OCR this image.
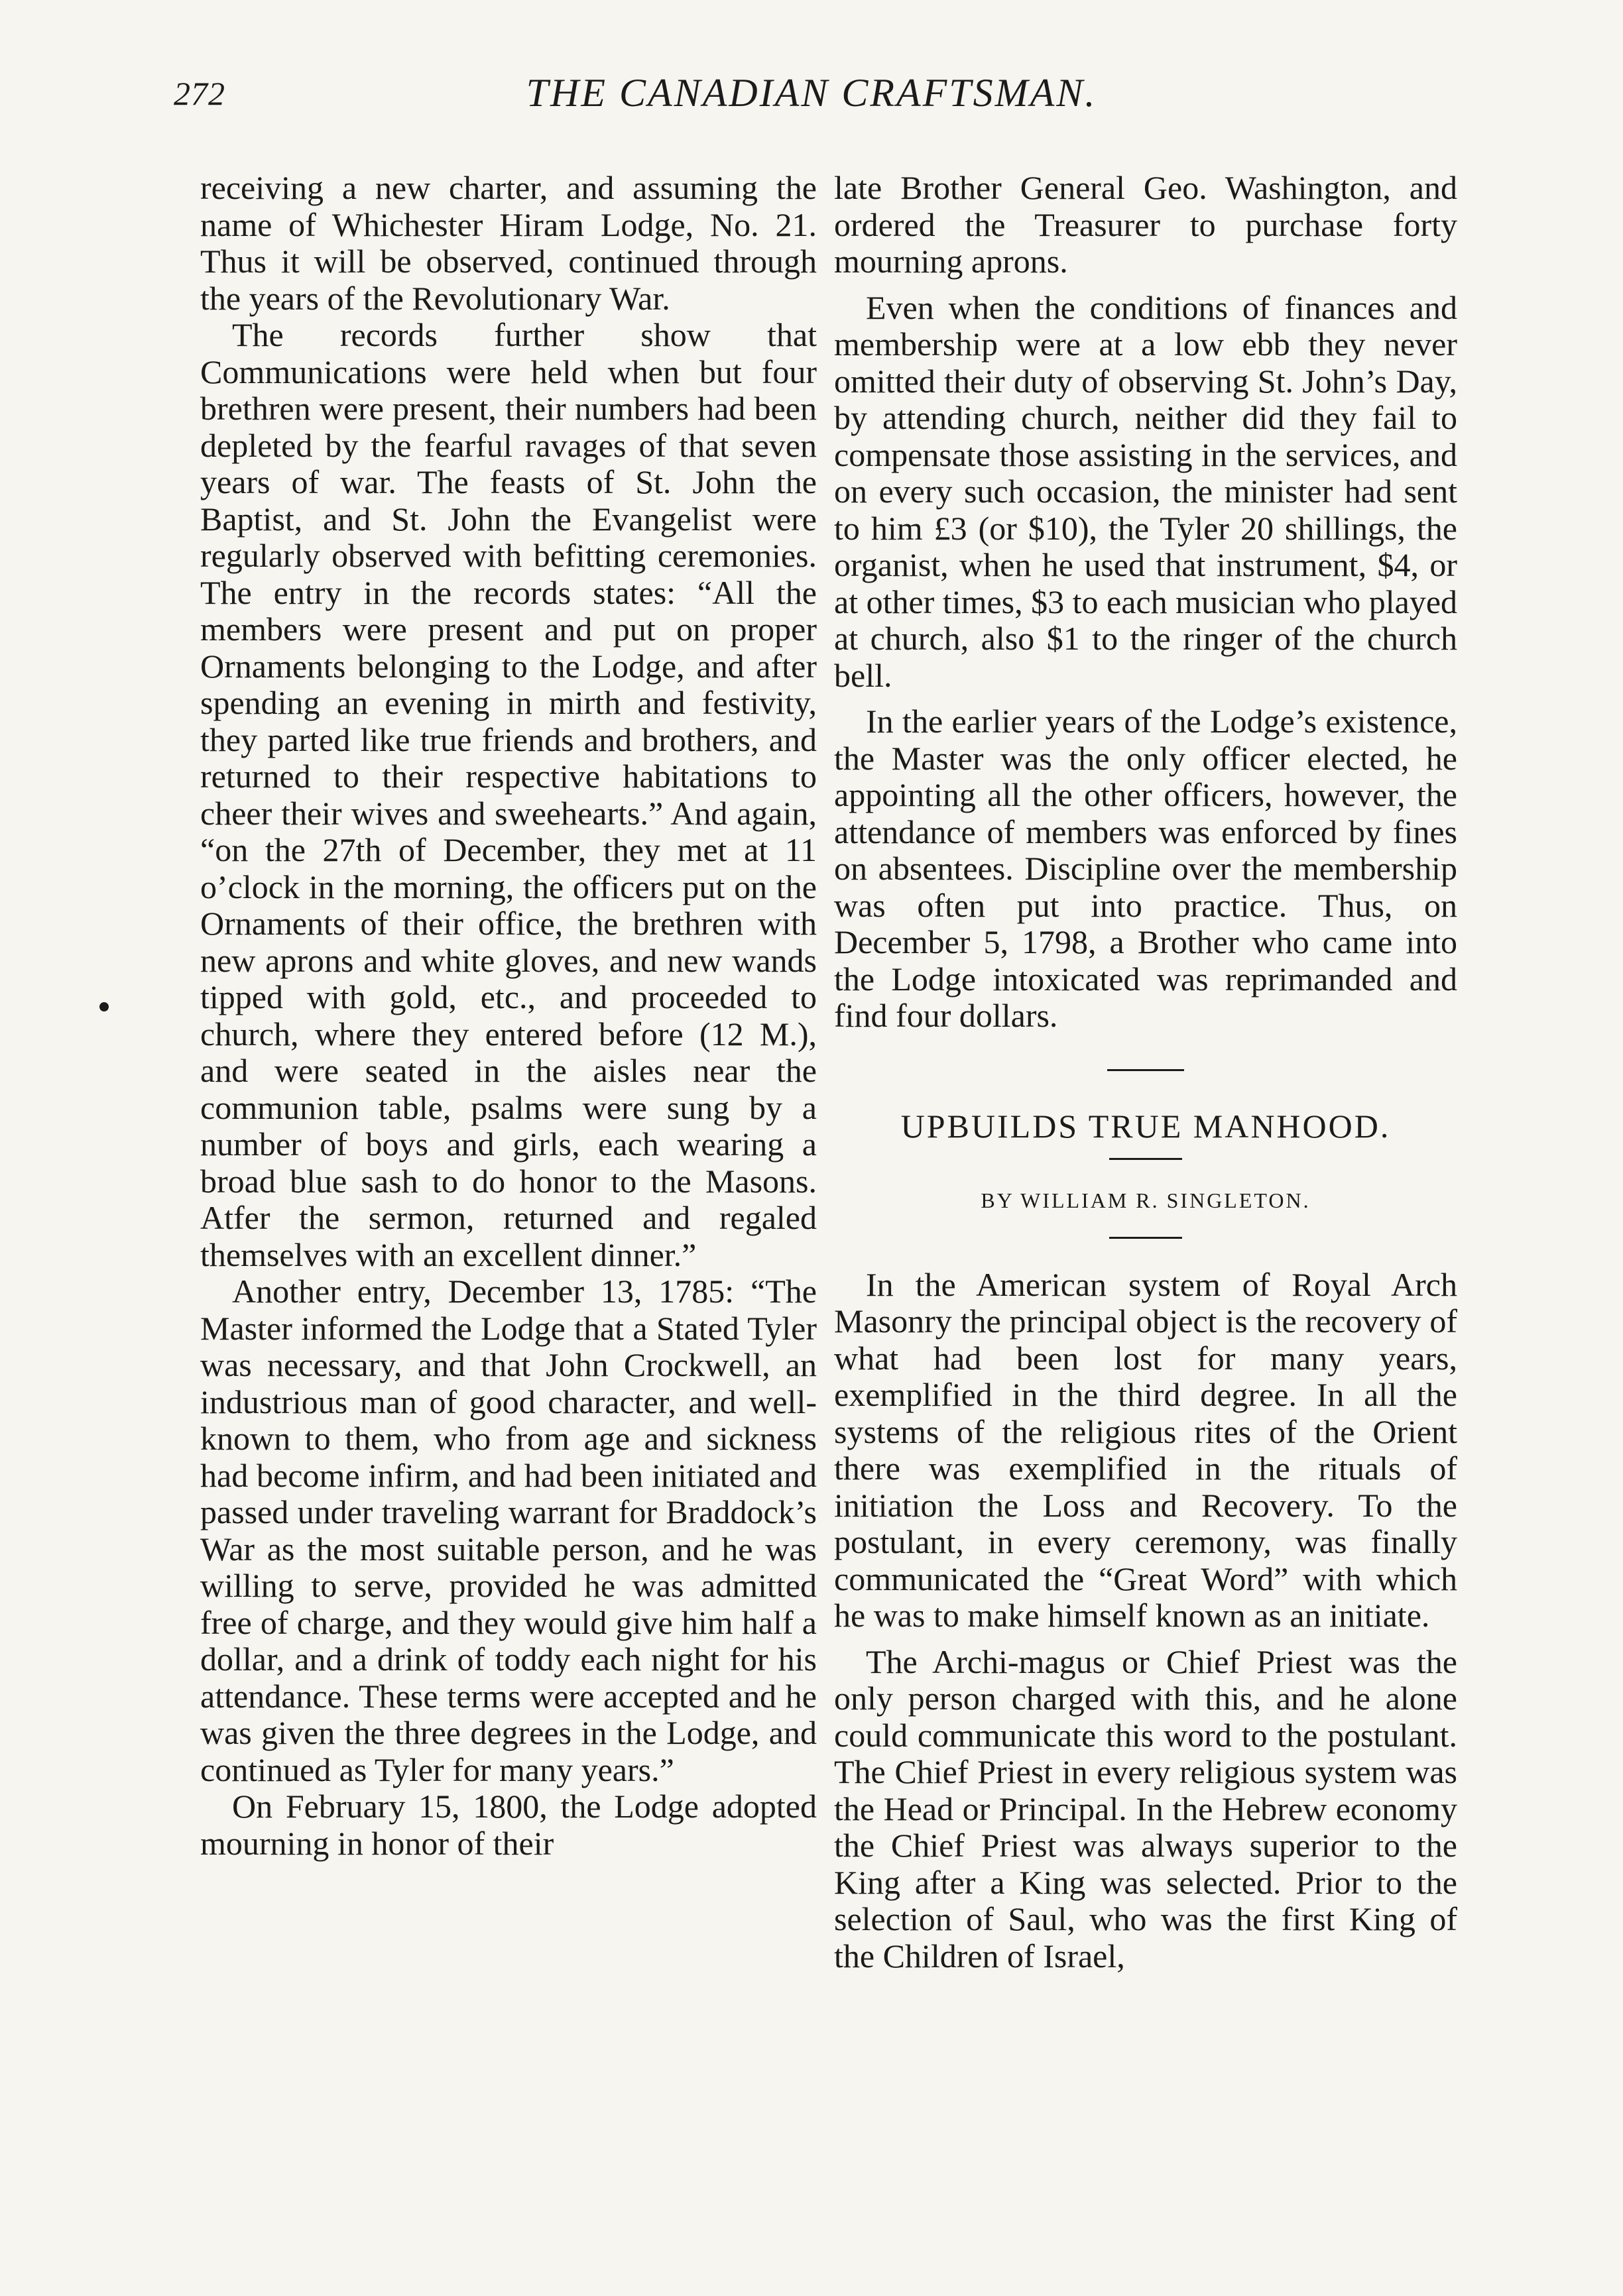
272	THE CANADIAN CRAFTSMAN.

receiving a new charter, and assuming the name of Whichester Hiram Lodge, No. 21. Thus it will be observed, continued through the years of the Revolutionary War.

The records further show that Communications were held when but four brethren were present, their numbers had been depleted by the fearful ravages of that seven years of war. The feasts of St. John the Baptist, and St. John the Evangelist were regularly observed with befitting ceremonies. The entry in the records states: “All the members were present and put on proper Ornaments belonging to the Lodge, and after spending an evening in mirth and festivity, they parted like true friends and brothers, and returned to their respective habitations to cheer their wives and sweehearts.” And again, “on the 27th of December, they met at 11 o’clock in the morning, the officers put on the Ornaments of their office, the brethren with new aprons and white gloves, and new wands tipped with gold, etc., and proceeded to church, where they entered before (12 M.), and were seated in the aisles near the communion table, psalms were sung by a number of boys and girls, each wearing a broad blue sash to do honor to the Masons. Atfer the sermon, returned and regaled themselves with an excellent dinner.”

Another entry, December 13, 1785: “The Master informed the Lodge that a Stated Tyler was necessary, and that John Crockwell, an industrious man of good character, and well-known to them, who from age and sickness had become infirm, and had been initiated and passed under traveling warrant for Braddock’s War as the most suitable person, and he was willing to serve, provided he was admitted free of charge, and they would give him half a dollar, and a drink of toddy each night for his attendance. These terms were accepted and he was given the three degrees in the Lodge, and continued as Tyler for many years.”

On February 15, 1800, the Lodge adopted mourning in honor of their

late Brother General Geo. Washington, and ordered the Treasurer to purchase forty mourning aprons.

Even when the conditions of finances and membership were at a low ebb they never omitted their duty of observing St. John’s Day, by attending church, neither did they fail to compensate those assisting in the services, and on every such occasion, the minister had sent to him £3 (or $10), the Tyler 20 shillings, the organist, when he used that instrument, $4, or at other times, $3 to each musician who played at church, also $1 to the ringer of the church bell.

In the earlier years of the Lodge’s existence, the Master was the only officer elected, he appointing all the other officers, however, the attendance of members was enforced by fines on absentees. Discipline over the membership was often put into practice. Thus, on December 5, 1798, a Brother who came into the Lodge intoxicated was reprimanded and find four dollars.

UPBUILDS TRUE MANHOOD.

BY WILLIAM R. SINGLETON.

In the American system of Royal Arch Masonry the principal object is the recovery of what had been lost for many years, exemplified in the third degree. In all the systems of the religious rites of the Orient there was exemplified in the rituals of initiation the Loss and Recovery. To the postulant, in every ceremony, was finally communicated the “Great Word” with which he was to make himself known as an initiate.

The Archi-magus or Chief Priest was the only person charged with this, and he alone could communicate this word to the postulant. The Chief Priest in every religious system was the Head or Principal. In the Hebrew economy the Chief Priest was always superior to the King after a King was selected. Prior to the selection of Saul, who was the first King of the Children of Israel,
